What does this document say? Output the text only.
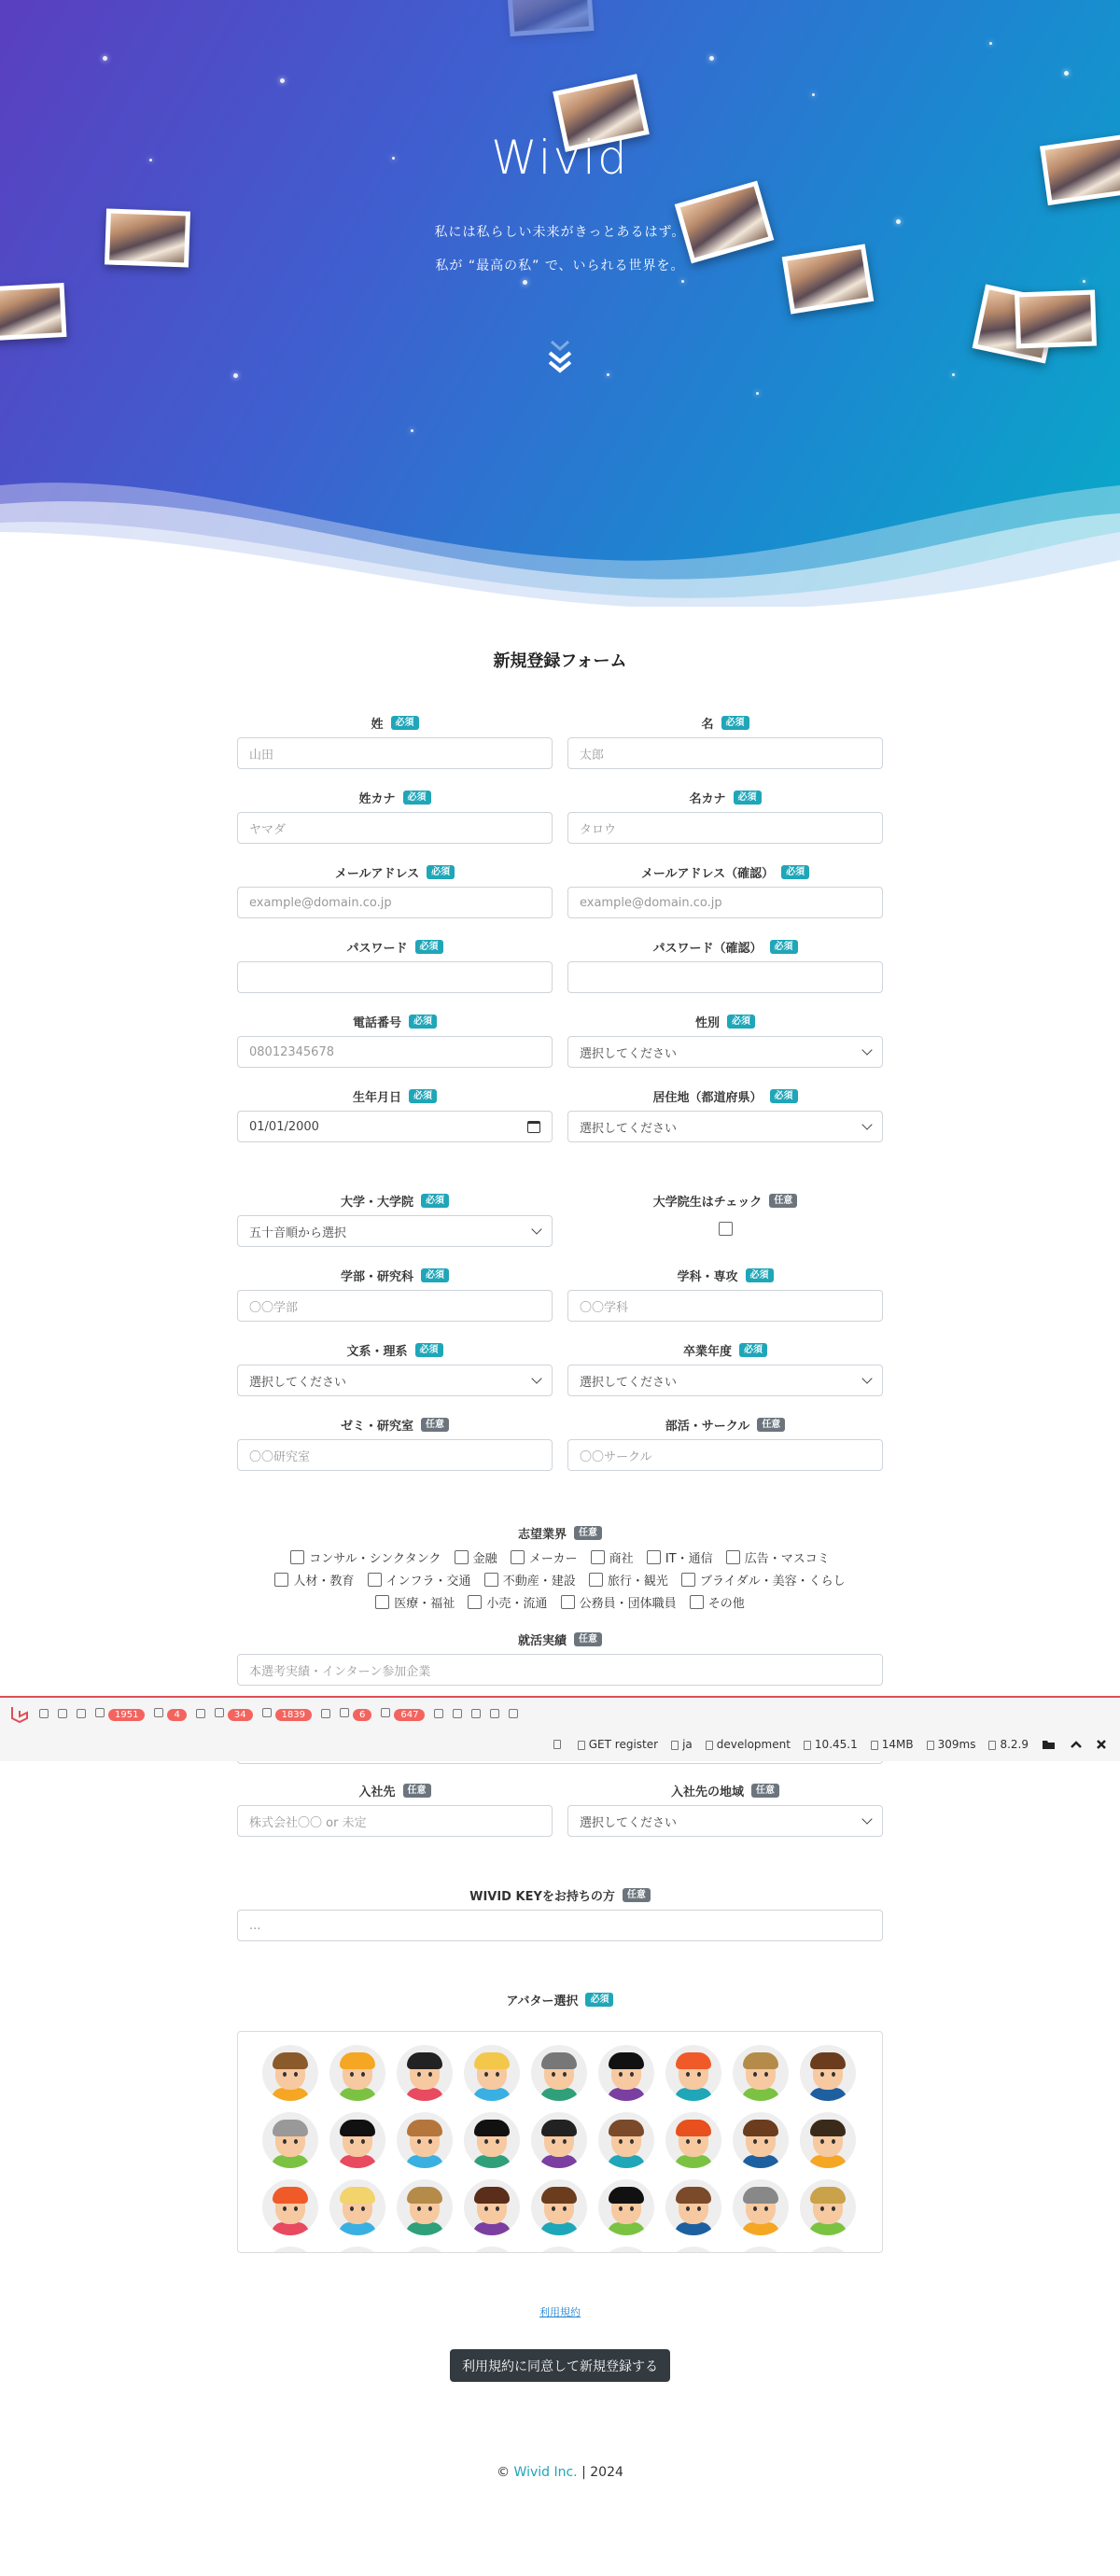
Wivid
私には私らしい未来がきっとあるはず。
私が “最高の私” で、いられる世界を。
新規登録フォーム
姓	必須
山田
名	必須
太郎
姓カナ	必須
ヤマダ
名カナ	必須
タロウ
メールアドレス	必須
example@domain.co.jp
メールアドレス（確認）	必須
example@domain.co.jp
パスワード	必須	パスワード（確認）	必須
電話番号	必須
08012345678
性別	必須
選択してください
生年月日	必須
01/01/2000
居住地（都道府県）	必須
選択してください
大学・大学院	必須
五十音順から選択
大学院生はチェック	任意
学部・研究科	必須
〇〇学部
学科・専攻	必須
〇〇学科
文系・理系	必須
選択してください
卒業年度	必須
選択してください
ゼミ・研究室	任意
〇〇研究室
部活・サークル	任意
〇〇サークル
志望業界	任意
コンサル・シンクタンク
	金融
	メーカー
	商社
	IT・通信
	広告・マスコミ
人材・教育
	インフラ・交通
	不動産・建設
	旅行・観光
	ブライダル・美容・くらし
医療・福祉
	小売・流通
	公務員・団体職員
	その他
就活実績	任意
本選考実績・インターン参加企業
1951	4	34	1839	6	647
GET register	ja	development	10.45.1	14MB	309ms	8.2.9
入社先	任意
株式会社〇〇 or 未定
入社先の地域	任意
選択してください
WIVID KEYをお持ちの方	任意
...
アバター選択	必須
利用規約
利用規約に同意して新規登録する
© Wivid Inc. | 2024
